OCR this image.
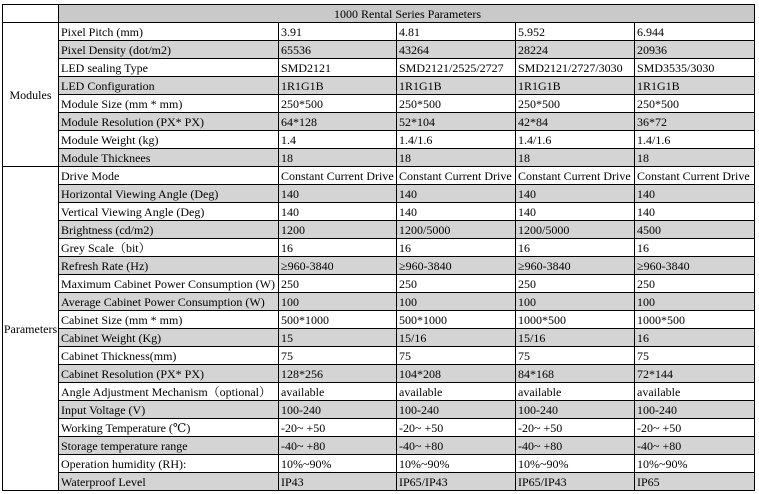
	1000 Rental Series Parameters				
Modules	Pixel Pitch (mm)	3.91	4.81	5.952	6.944
	Pixel Density (dot/m2)	65536	43264	28224	20936
	LED sealing Type	SMD2121	SMD2121/2525/2727	SMD2121/2727/3030	SMD3535/3030
	LED Configuration	1R1G1B	1R1G1B	1R1G1B	1R1G1B
	Module Size (mm * mm)	250*500	250*500	250*500	250*500
	Module Resolution (PX* PX)	64*128	52*104	42*84	36*72
	Module Weight (kg)	1.4	1.4/1.6	1.4/1.6	1.4/1.6
	Module Thicknees	18	18	18	18
Parameters	Drive Mode	Constant Current Drive	Constant Current Drive	Constant Current Drive	Constant Current Drive
	Horizontal Viewing Angle (Deg)	140	140	140	140
	Vertical Viewing Angle (Deg)	140	140	140	140
	Brightness (cd/m2)	1200	1200/5000	1200/5000	4500
	Grey Scale（bit）	16	16	16	16
	Refresh Rate (Hz)	≥960-3840	≥960-3840	≥960-3840	≥960-3840
	Maximum Cabinet Power Consumption (W)	250	250	250	250
	Average Cabinet Power Consumption (W)	100	100	100	100
	Cabinet Size (mm * mm)	500*1000	500*1000	1000*500	1000*500
	Cabinet Weight (Kg)	15	15/16	15/16	16
	Cabinet Thickness(mm)	75	75	75	75
	Cabinet Resolution (PX* PX)	128*256	104*208	84*168	72*144
	Angle Adjustment Mechanism（optional）	available	available	available	available
	Input Voltage (V)	100-240	100-240	100-240	100-240
	Working Temperature (℃)	-20~ +50	-20~ +50	-20~ +50	-20~ +50
	Storage temperature range	-40~ +80	-40~ +80	-40~ +80	-40~ +80
	Operation humidity (RH):	10%~90%	10%~90%	10%~90%	10%~90%
	Waterproof Level	IP43	IP65/IP43	IP65/IP43	IP65
